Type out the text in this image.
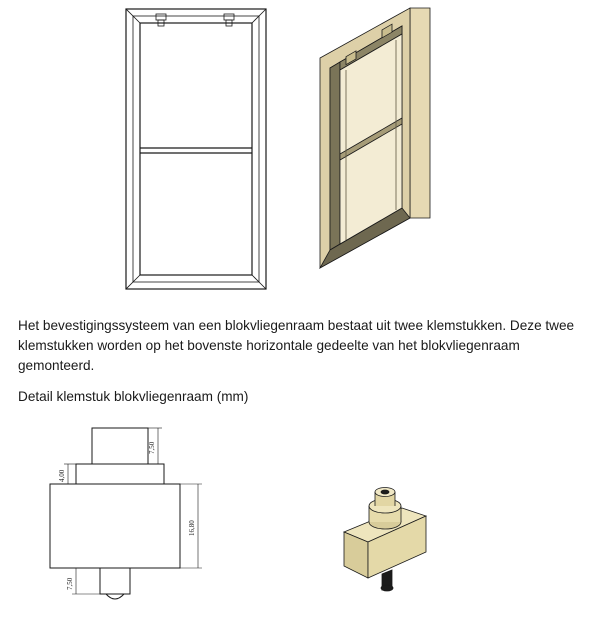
Het bevestigingssysteem van een blokvliegenraam bestaat uit twee klemstukken. Deze twee
klemstukken worden op het bovenste horizontale gedeelte van het blokvliegenraam
gemonteerd.
Detail klemstuk blokvliegenraam (mm)
7,50
4,00
16,80
7,50
